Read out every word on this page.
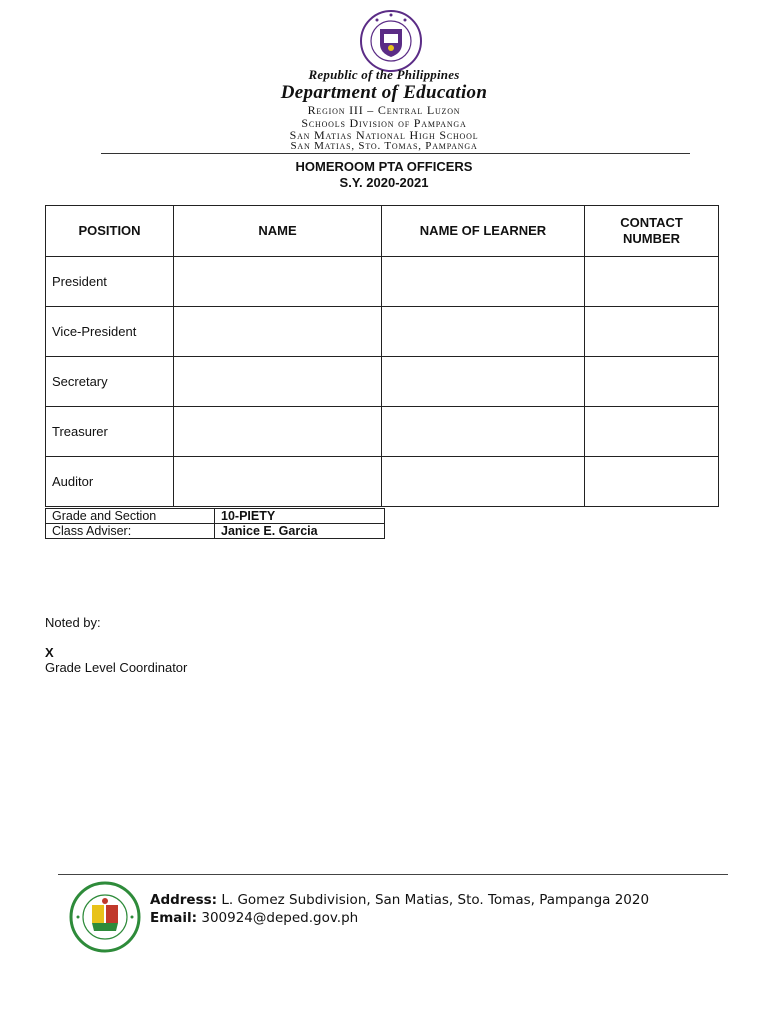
Republic of the Philippines
Department of Education
Region III – Central Luzon
Schools Division of Pampanga
San Matias National High School
San Matias, Sto. Tomas, Pampanga
HOMEROOM PTA OFFICERS
S.Y. 2020-2021
POSITION	NAME	NAME OF LEARNER	CONTACT NUMBER
President			
Vice-President			
Secretary			
Treasurer			
Auditor			
Grade and Section	10-PIETY
Class Adviser:	Janice E. Garcia
Noted by:
X
Grade Level Coordinator
Address: L. Gomez Subdivision, San Matias, Sto. Tomas, Pampanga 2020
Email: 300924@deped.gov.ph
